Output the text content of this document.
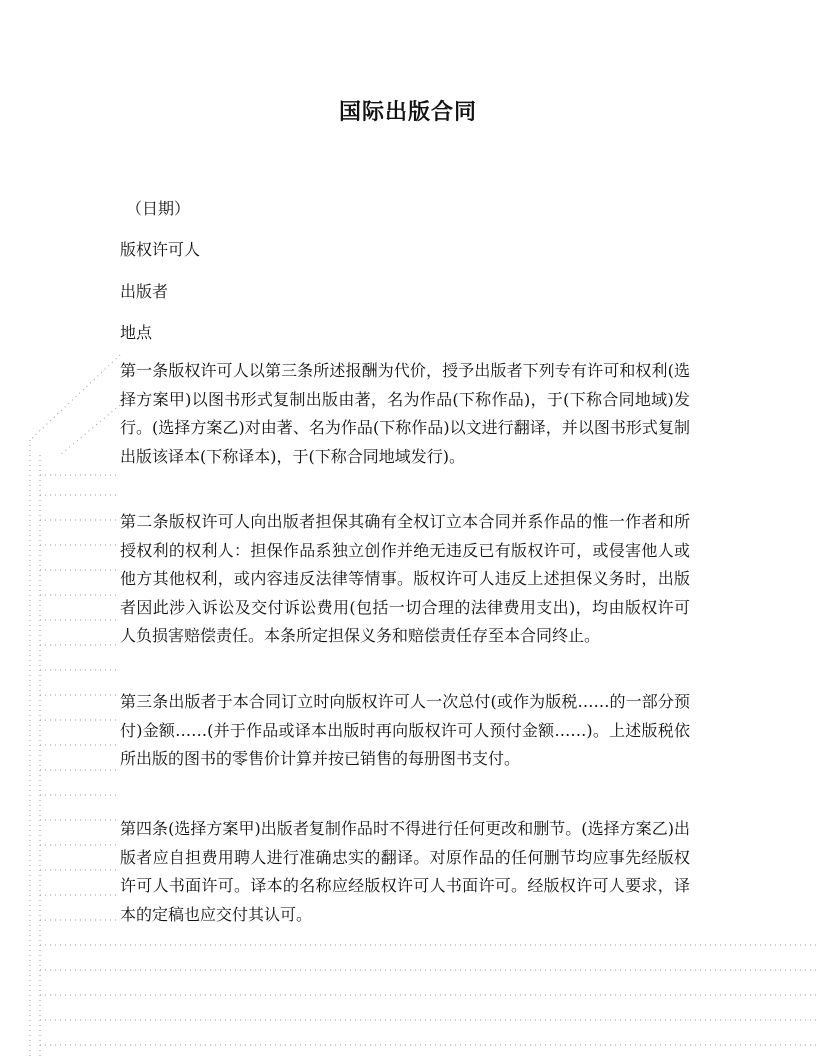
国际出版合同
（日期）
版权许可人
出版者
地点
第一条版权许可人以第三条所述报酬为代价，授予出版者下列专有许可和权利(选择方案甲)以图书形式复制出版由著，名为作品(下称作品)，于(下称合同地域)发行。(选择方案乙)对由著、名为作品(下称作品)以文进行翻译，并以图书形式复制出版该译本(下称译本)，于(下称合同地域发行)。
第二条版权许可人向出版者担保其确有全权订立本合同并系作品的惟一作者和所授权利的权利人：担保作品系独立创作并绝无违反已有版权许可，或侵害他人或他方其他权利，或内容违反法律等情事。版权许可人违反上述担保义务时，出版者因此涉入诉讼及交付诉讼费用(包括一切合理的法律费用支出)，均由版权许可人负损害赔偿责任。本条所定担保义务和赔偿责任存至本合同终止。
第三条出版者于本合同订立时向版权许可人一次总付(或作为版税……的一部分预付)金额……(并于作品或译本出版时再向版权许可人预付金额……)。上述版税依所出版的图书的零售价计算并按已销售的每册图书支付。
第四条(选择方案甲)出版者复制作品时不得进行任何更改和删节。(选择方案乙)出版者应自担费用聘人进行准确忠实的翻译。对原作品的任何删节均应事先经版权许可人书面许可。译本的名称应经版权许可人书面许可。经版权许可人要求，译本的定稿也应交付其认可。
